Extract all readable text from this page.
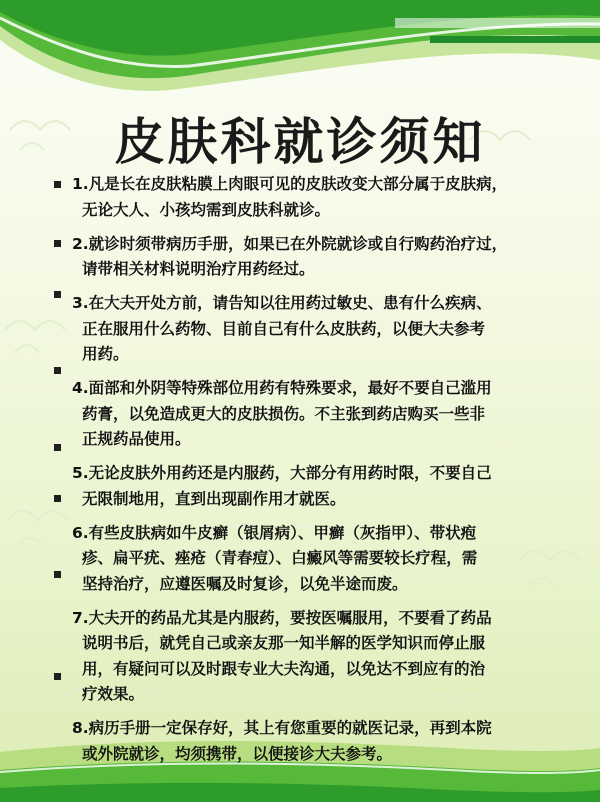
皮肤科就诊须知
1.凡是长在皮肤粘膜上肉眼可见的皮肤改变大部分属于皮肤病，
无论大人、小孩均需到皮肤科就诊。
2.就诊时须带病历手册，如果已在外院就诊或自行购药治疗过，
请带相关材料说明治疗用药经过。
3.在大夫开处方前，请告知以往用药过敏史、患有什么疾病、
正在服用什么药物、目前自己有什么皮肤药，以便大夫参考
用药。
4.面部和外阴等特殊部位用药有特殊要求，最好不要自己滥用
药膏，以免造成更大的皮肤损伤。不主张到药店购买一些非
正规药品使用。
5.无论皮肤外用药还是内服药，大部分有用药时限，不要自己
无限制地用，直到出现副作用才就医。
6.有些皮肤病如牛皮癣（银屑病）、甲癣（灰指甲）、带状疱
疹、扁平疣、痤疮（青春痘）、白癜风等需要较长疗程，需
坚持治疗，应遵医嘱及时复诊，以免半途而废。
7.大夫开的药品尤其是内服药，要按医嘱服用，不要看了药品
说明书后，就凭自己或亲友那一知半解的医学知识而停止服
用，有疑问可以及时跟专业大夫沟通，以免达不到应有的治
疗效果。
8.病历手册一定保存好，其上有您重要的就医记录，再到本院
或外院就诊，均须携带，以便接诊大夫参考。
